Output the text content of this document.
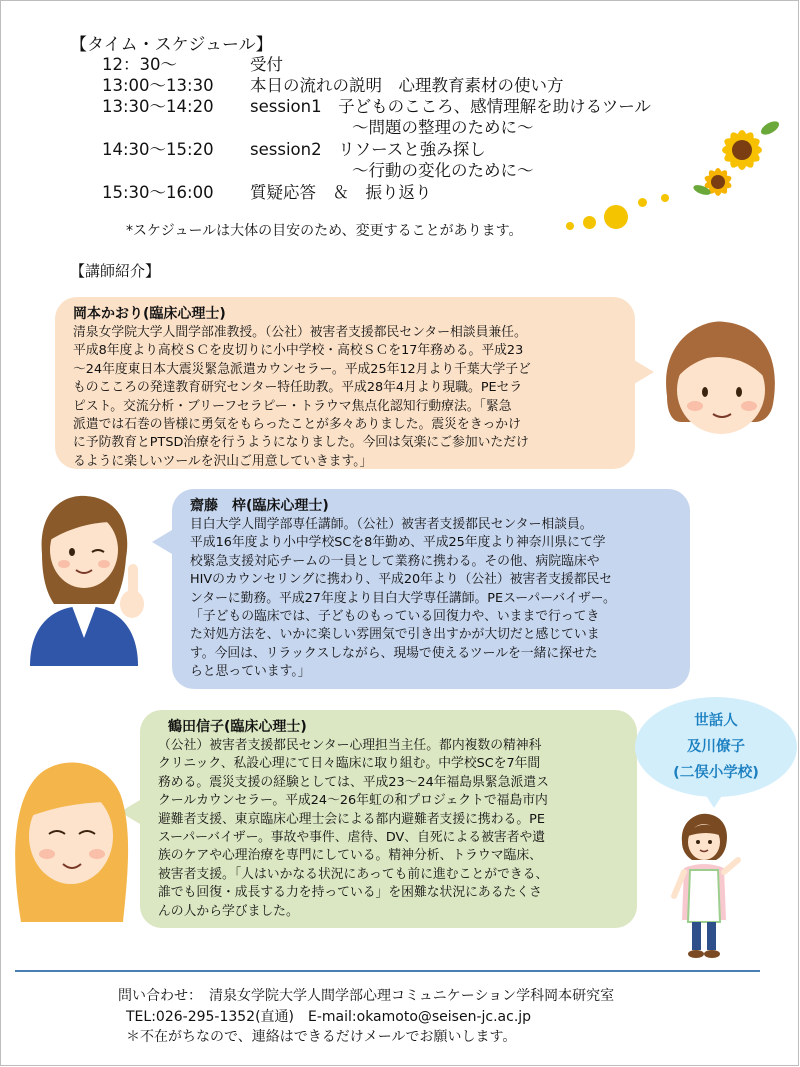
【タイム・スケジュール】
12：30～	受付
13:00～13:30 本日の流れの説明　心理教育素材の使い方
13:30～14:20 session1　子どものこころ、感情理解を助けるツール
～問題の整理のために～
14:30～15:20 session2　リソースと強み探し
～行動の変化のために～
15:30～16:00 質疑応答　＆　振り返り
*スケジュールは大体の目安のため、変更することがあります。
【講師紹介】
岡本かおり(臨床心理士)
清泉女学院大学人間学部准教授。（公社）被害者支援都民センター相談員兼任。
平成8年度より高校ＳＣを皮切りに小中学校・高校ＳＣを17年務める。平成23
～24年度東日本大震災緊急派遣カウンセラー。平成25年12月より千葉大学子ど
ものこころの発達教育研究センター特任助教。平成28年4月より現職。PEセラ
ピスト。交流分析・ブリーフセラピー・トラウマ焦点化認知行動療法。「緊急
派遣では石巻の皆様に勇気をもらったことが多々ありました。震災をきっかけ
に予防教育とPTSD治療を行うようになりました。今回は気楽にご参加いただけ
るように楽しいツールを沢山ご用意していきます。」
齋藤　梓(臨床心理士)
目白大学人間学部専任講師。（公社）被害者支援都民センター相談員。
平成16年度より小中学校SCを8年勤め、平成25年度より神奈川県にて学
校緊急支援対応チームの一員として業務に携わる。その他、病院臨床や
HIVのカウンセリングに携わり、平成20年より（公社）被害者支援都民セ
ンターに勤務。平成27年度より目白大学専任講師。PEスーパーバイザー。
「子どもの臨床では、子どものもっている回復力や、いままで行ってき
た対処方法を、いかに楽しい雰囲気で引き出すかが大切だと感じていま
す。今回は、リラックスしながら、現場で使えるツールを一緒に探せた
らと思っています。」
鶴田信子(臨床心理士)
（公社）被害者支援都民センター心理担当主任。都内複数の精神科
クリニック、私設心理にて日々臨床に取り組む。中学校SCを7年間
務める。震災支援の経験としては、平成23～24年福島県緊急派遣ス
クールカウンセラー。平成24～26年虹の和プロジェクトで福島市内
避難者支援、東京臨床心理士会による都内避難者支援に携わる。PE
スーパーバイザー。事故や事件、虐待、DV、自死による被害者や遺
族のケアや心理治療を専門にしている。精神分析、トラウマ臨床、
被害者支援。「人はいかなる状況にあっても前に進むことができる、
誰でも回復・成長する力を持っている」を困難な状況にあるたくさ
んの人から学びました。
世話人
及川僚子
(二俣小学校)
問い合わせ：　清泉女学院大学人間学部心理コミュニケーション学科岡本研究室
TEL:026-295-1352(直通)　E-mail:okamoto@seisen-jc.ac.jp
＊不在がちなので、連絡はできるだけメールでお願いします。
